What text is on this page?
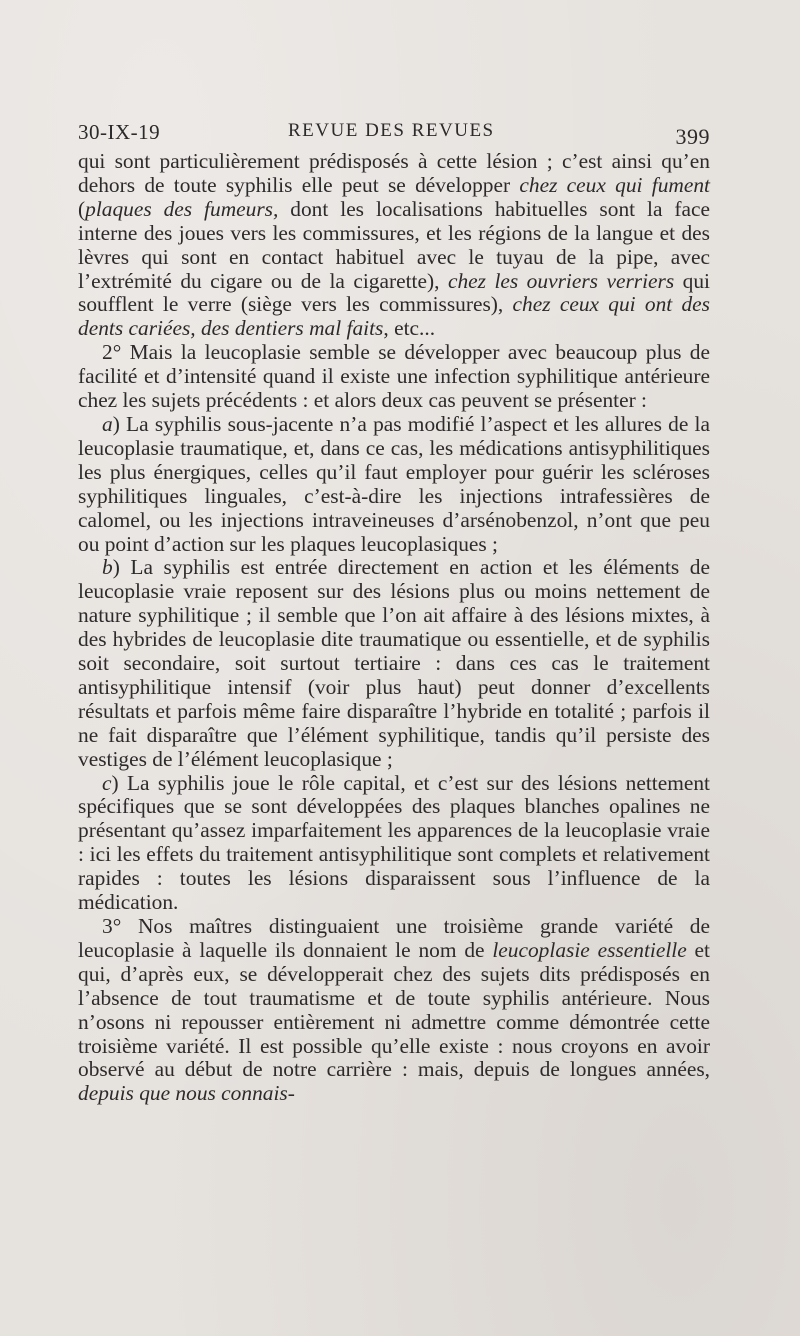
30-IX-19	REVUE DES REVUES	399

qui sont particulièrement prédisposés à cette lésion ; c’est ainsi qu’en dehors de toute syphilis elle peut se développer chez ceux qui fument (plaques des fumeurs, dont les localisations habituelles sont la face interne des joues vers les commissures, et les régions de la langue et des lèvres qui sont en contact habituel avec le tuyau de la pipe, avec l’extrémité du cigare ou de la cigarette), chez les ouvriers verriers qui soufflent le verre (siège vers les commissures), chez ceux qui ont des dents cariées, des dentiers mal faits, etc...

2° Mais la leucoplasie semble se développer avec beaucoup plus de facilité et d’intensité quand il existe une infection syphilitique antérieure chez les sujets précédents : et alors deux cas peuvent se présenter :

a) La syphilis sous-jacente n’a pas modifié l’aspect et les allures de la leucoplasie traumatique, et, dans ce cas, les médications antisyphilitiques les plus énergiques, celles qu’il faut employer pour guérir les scléroses syphilitiques linguales, c’est-à-dire les injections intrafessières de calomel, ou les injections intraveineuses d’arsénobenzol, n’ont que peu ou point d’action sur les plaques leucoplasiques ;

b) La syphilis est entrée directement en action et les éléments de leucoplasie vraie reposent sur des lésions plus ou moins nettement de nature syphilitique ; il semble que l’on ait affaire à des lésions mixtes, à des hybrides de leucoplasie dite traumatique ou essentielle, et de syphilis soit secondaire, soit surtout tertiaire : dans ces cas le traitement antisyphilitique intensif (voir plus haut) peut donner d’excellents résultats et parfois même faire disparaître l’hybride en totalité ; parfois il ne fait disparaître que l’élément syphilitique, tandis qu’il persiste des vestiges de l’élément leucoplasique ;

c) La syphilis joue le rôle capital, et c’est sur des lésions nettement spécifiques que se sont développées des plaques blanches opalines ne présentant qu’assez imparfaitement les apparences de la leucoplasie vraie : ici les effets du traitement antisyphilitique sont complets et relativement rapides : toutes les lésions disparaissent sous l’influence de la médication.

3° Nos maîtres distinguaient une troisième grande variété de leucoplasie à laquelle ils donnaient le nom de leucoplasie essentielle et qui, d’après eux, se développerait chez des sujets dits prédisposés en l’absence de tout traumatisme et de toute syphilis antérieure. Nous n’osons ni repousser entièrement ni admettre comme démontrée cette troisième variété. Il est possible qu’elle existe : nous croyons en avoir observé au début de notre carrière : mais, depuis de longues années, depuis que nous connais-
